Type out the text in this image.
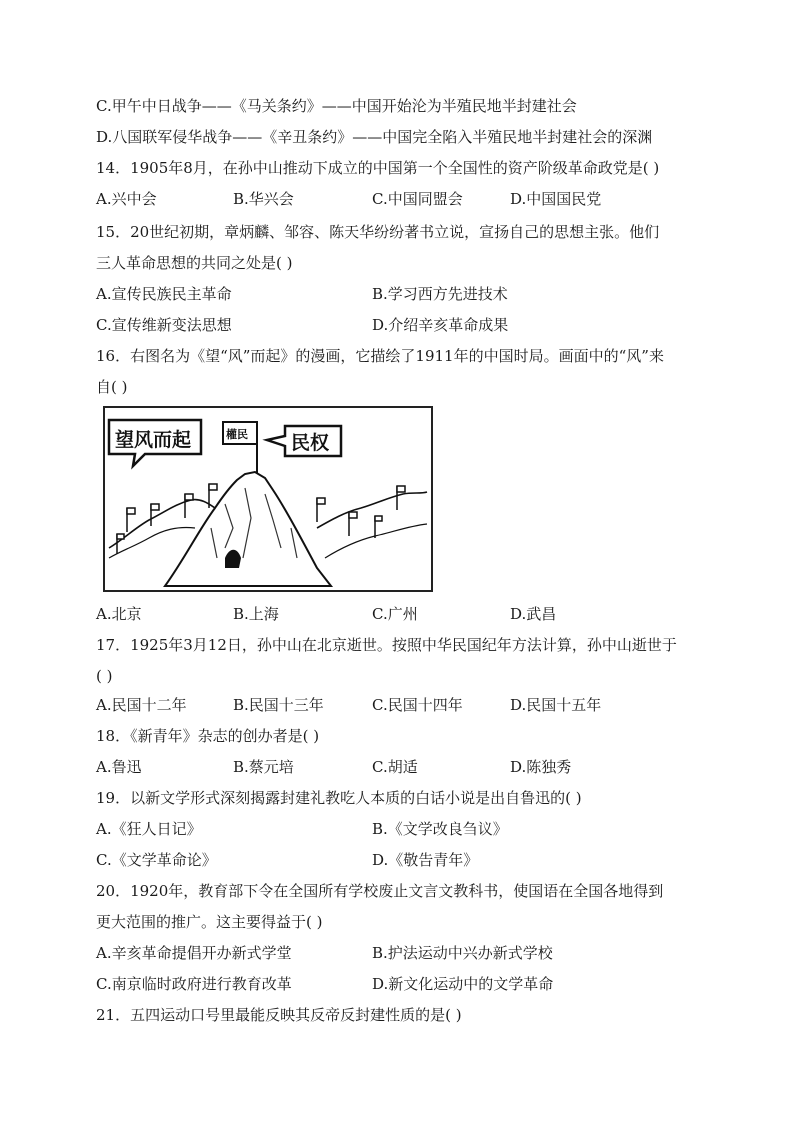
C.甲午中日战争——《马关条约》——中国开始沦为半殖民地半封建社会
D.八国联军侵华战争——《辛丑条约》——中国完全陷入半殖民地半封建社会的深渊
14．1905年8月，在孙中山推动下成立的中国第一个全国性的资产阶级革命政党是( )
A.兴中会	B.华兴会	C.中国同盟会	D.中国国民党
15．20世纪初期，章炳麟、邹容、陈天华纷纷著书立说，宣扬自己的思想主张。他们
三人革命思想的共同之处是( )
A.宣传民族民主革命	B.学习西方先进技术
C.宣传维新变法思想	D.介绍辛亥革命成果
16．右图名为《望“风”而起》的漫画，它描绘了1911年的中国时局。画面中的“风”来
自( )
望风而起	民权
權民
A.北京	B.上海	C.广州	D.武昌
17．1925年3月12日，孙中山在北京逝世。按照中华民国纪年方法计算，孙中山逝世于
( )
A.民国十二年	B.民国十三年	C.民国十四年	D.民国十五年
18．《新青年》杂志的创办者是( )
A.鲁迅	B.蔡元培	C.胡适	D.陈独秀
19．以新文学形式深刻揭露封建礼教吃人本质的白话小说是出自鲁迅的( )
A.《狂人日记》	B.《文学改良刍议》
C.《文学革命论》	D.《敬告青年》
20．1920年，教育部下令在全国所有学校废止文言文教科书，使国语在全国各地得到
更大范围的推广。这主要得益于( )
A.辛亥革命提倡开办新式学堂	B.护法运动中兴办新式学校
C.南京临时政府进行教育改革	D.新文化运动中的文学革命
21．五四运动口号里最能反映其反帝反封建性质的是( )
